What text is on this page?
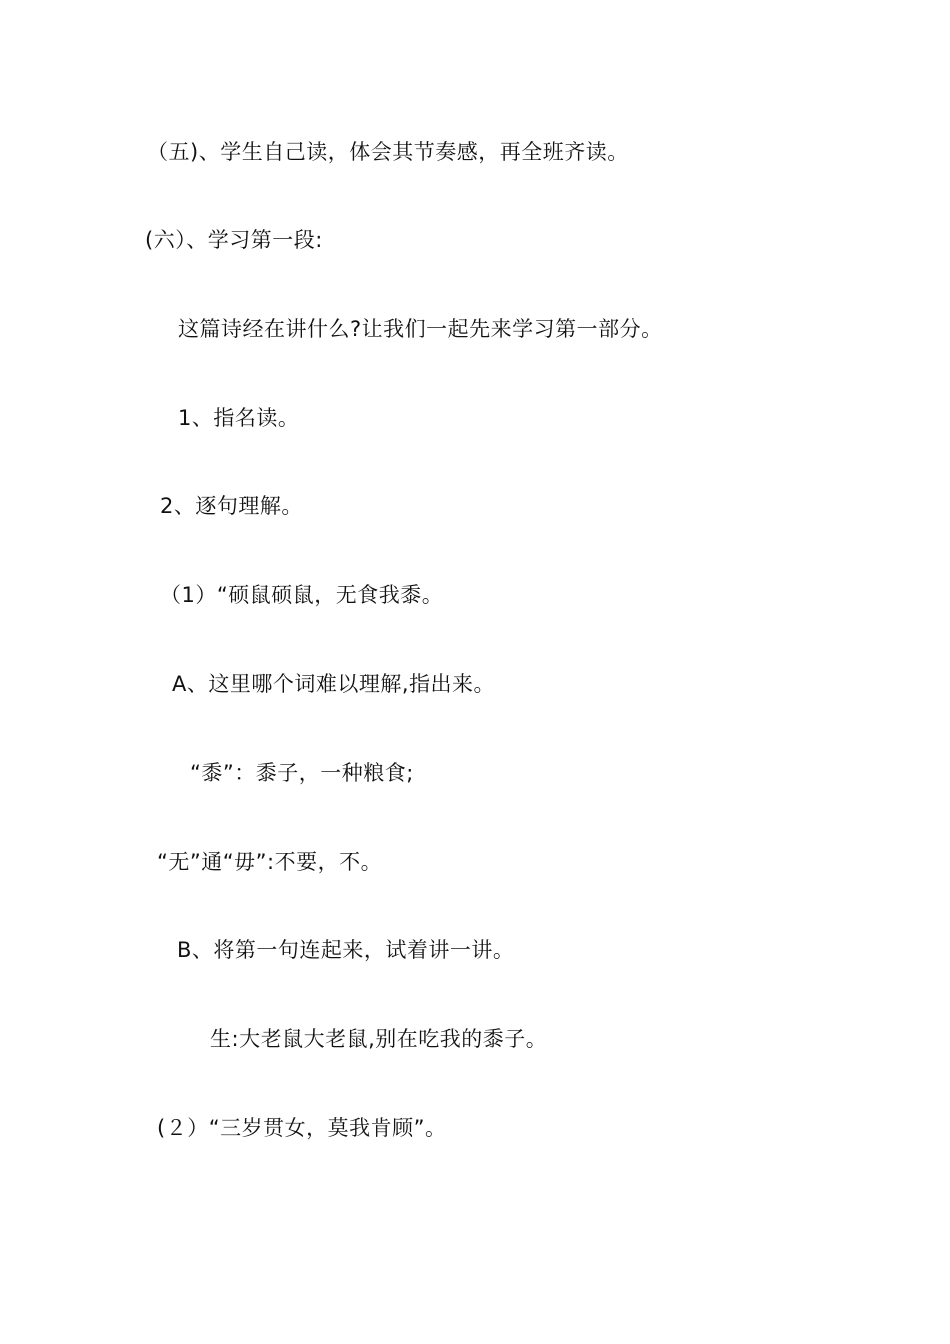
（五)、学生自己读，体会其节奏感，再全班齐读。
(六）、学习第一段:
这篇诗经在讲什么?让我们一起先来学习第一部分。
1、指名读。
2、逐句理解。
（1）“硕鼠硕鼠，无食我黍。
A、这里哪个词难以理解,指出来。
“黍”：黍子，一种粮食;
“无”通“毋”:不要，不。
B、将第一句连起来，试着讲一讲。
生:大老鼠大老鼠,别在吃我的黍子。
(２）“三岁贯女，莫我肯顾”。
